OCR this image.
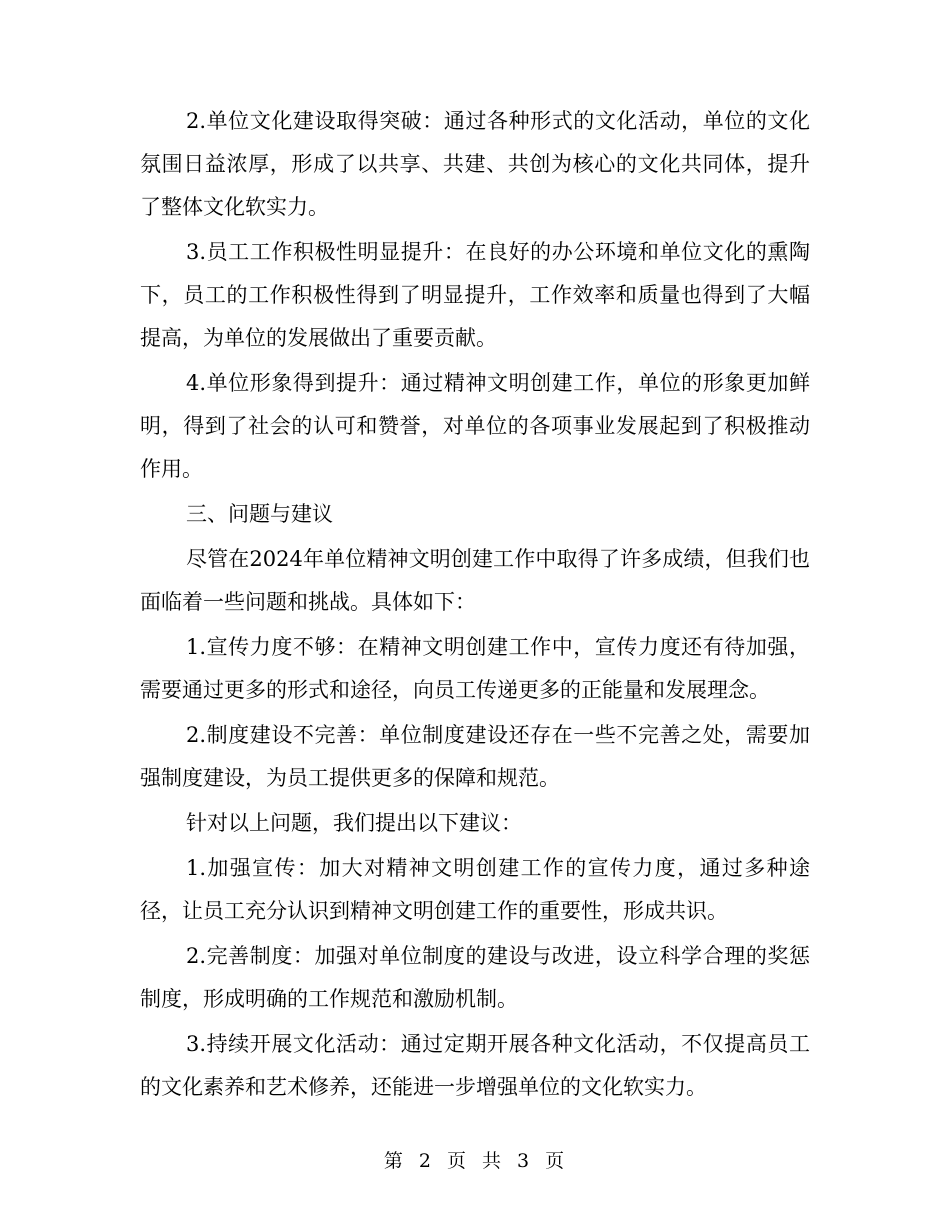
2.单位文化建设取得突破：通过各种形式的文化活动，单位的文化氛围日益浓厚，形成了以共享、共建、共创为核心的文化共同体，提升了整体文化软实力。

3.员工工作积极性明显提升：在良好的办公环境和单位文化的熏陶下，员工的工作积极性得到了明显提升，工作效率和质量也得到了大幅提高，为单位的发展做出了重要贡献。

4.单位形象得到提升：通过精神文明创建工作，单位的形象更加鲜明，得到了社会的认可和赞誉，对单位的各项事业发展起到了积极推动作用。

三、问题与建议

尽管在2024年单位精神文明创建工作中取得了许多成绩，但我们也面临着一些问题和挑战。具体如下：

1.宣传力度不够：在精神文明创建工作中，宣传力度还有待加强，需要通过更多的形式和途径，向员工传递更多的正能量和发展理念。

2.制度建设不完善：单位制度建设还存在一些不完善之处，需要加强制度建设，为员工提供更多的保障和规范。

针对以上问题，我们提出以下建议：

1.加强宣传：加大对精神文明创建工作的宣传力度，通过多种途径，让员工充分认识到精神文明创建工作的重要性，形成共识。

2.完善制度：加强对单位制度的建设与改进，设立科学合理的奖惩制度，形成明确的工作规范和激励机制。

3.持续开展文化活动：通过定期开展各种文化活动，不仅提高员工的文化素养和艺术修养，还能进一步增强单位的文化软实力。

第 2 页 共 3 页
